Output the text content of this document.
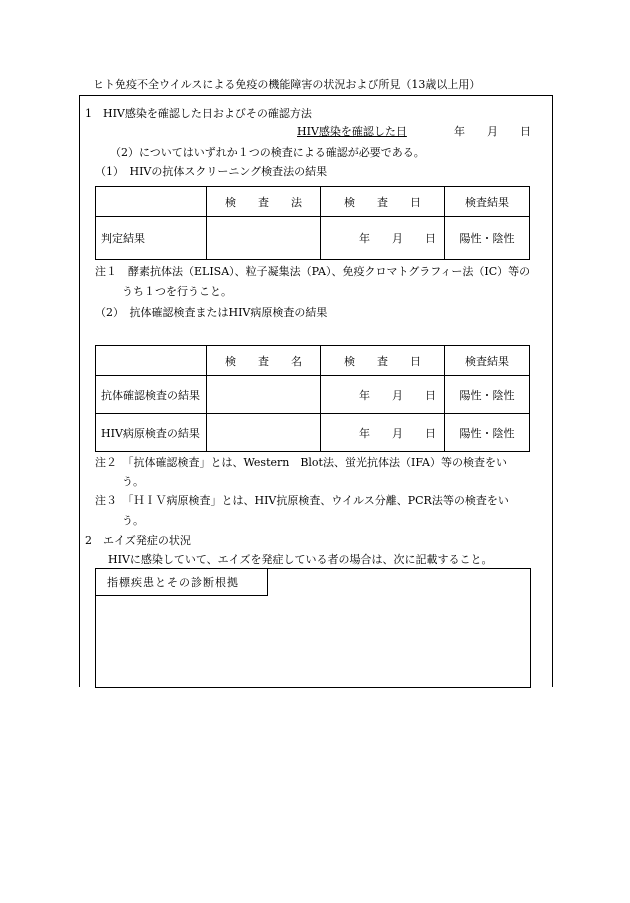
ヒト免疫不全ウイルスによる免疫の機能障害の状況および所見（13歳以上用）
1　HIV感染を確認した日およびその確認方法
HIV感染を確認した日	年　　月　　日
（2）についてはいずれか１つの検査による確認が必要である。
（1）　HIVの抗体スクリーニング検査法の結果
	検　　査　　法	検　　査　　日	検査結果
判定結果		年　　月　　日	陽性・陰性
注１　酵素抗体法（ELISA）、粒子凝集法（PA）、免疫クロマトグラフィー法（IC）等の
うち１つを行うこと。
（2）　抗体確認検査またはHIV病原検査の結果
	検　　査　　名	検　　査　　日	検査結果
抗体確認検査の結果		年　　月　　日	陽性・陰性
HIV病原検査の結果		年　　月　　日	陽性・陰性
注２　「抗体確認検査」とは、Western　Blot法、蛍光抗体法（IFA）等の検査をい
う。
注３　「ＨＩＶ病原検査」とは、HIV抗原検査、ウイルス分離、PCR法等の検査をい
う。
2　エイズ発症の状況
HIVに感染していて、エイズを発症している者の場合は、次に記載すること。
指標疾患とその診断根拠
